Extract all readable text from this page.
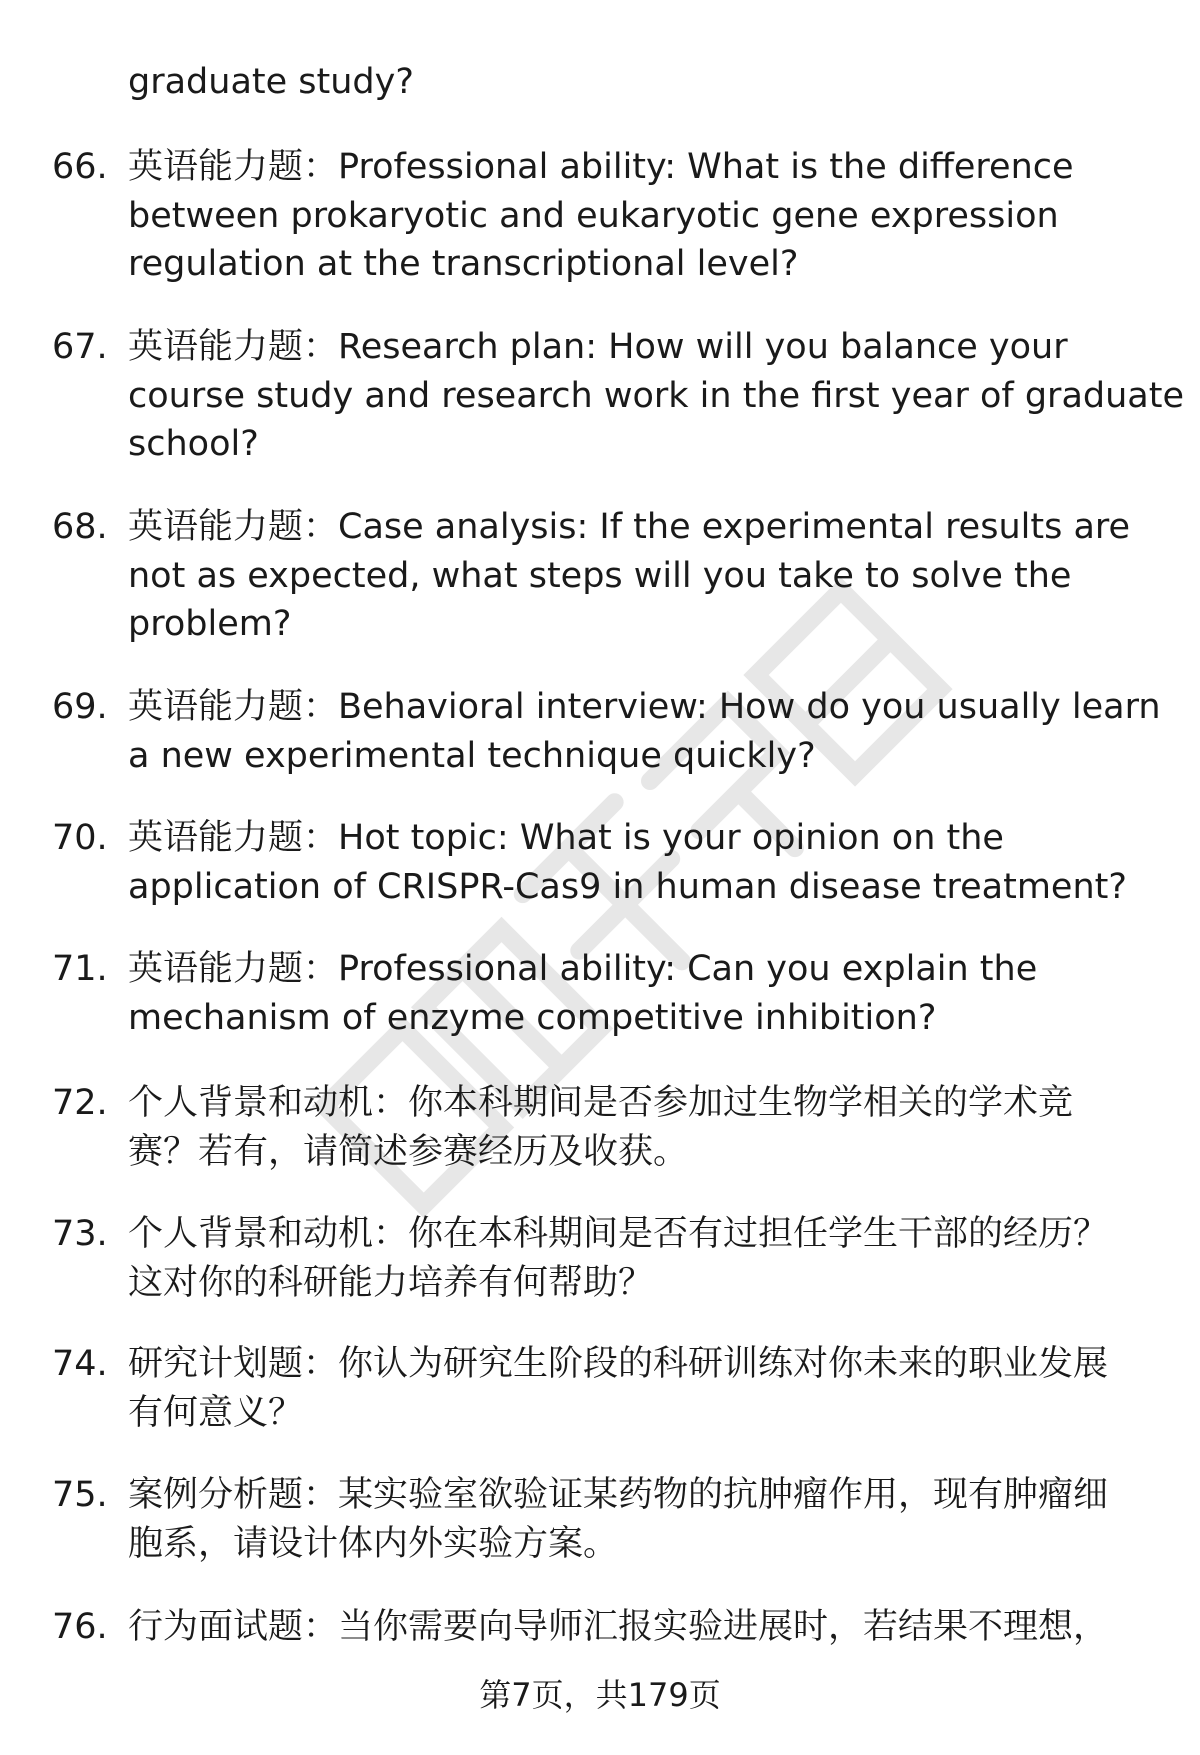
graduate study?
66. 英语能力题：Professional ability: What is the difference
between prokaryotic and eukaryotic gene expression
regulation at the transcriptional level?
67. 英语能力题：Research plan: How will you balance your
course study and research work in the first year of graduate
school?
68. 英语能力题：Case analysis: If the experimental results are
not as expected, what steps will you take to solve the
problem?
69. 英语能力题：Behavioral interview: How do you usually learn
a new experimental technique quickly?
70. 英语能力题：Hot topic: What is your opinion on the
application of CRISPR-Cas9 in human disease treatment?
71. 英语能力题：Professional ability: Can you explain the
mechanism of enzyme competitive inhibition?
72. 个人背景和动机：你本科期间是否参加过生物学相关的学术竞
赛？若有，请简述参赛经历及收获。
73. 个人背景和动机：你在本科期间是否有过担任学生干部的经历？
这对你的科研能力培养有何帮助？
74. 研究计划题：你认为研究生阶段的科研训练对你未来的职业发展
有何意义？
75. 案例分析题：某实验室欲验证某药物的抗肿瘤作用，现有肿瘤细
胞系，请设计体内外实验方案。
76. 行为面试题：当你需要向导师汇报实验进展时，若结果不理想，
第7页，共179页
